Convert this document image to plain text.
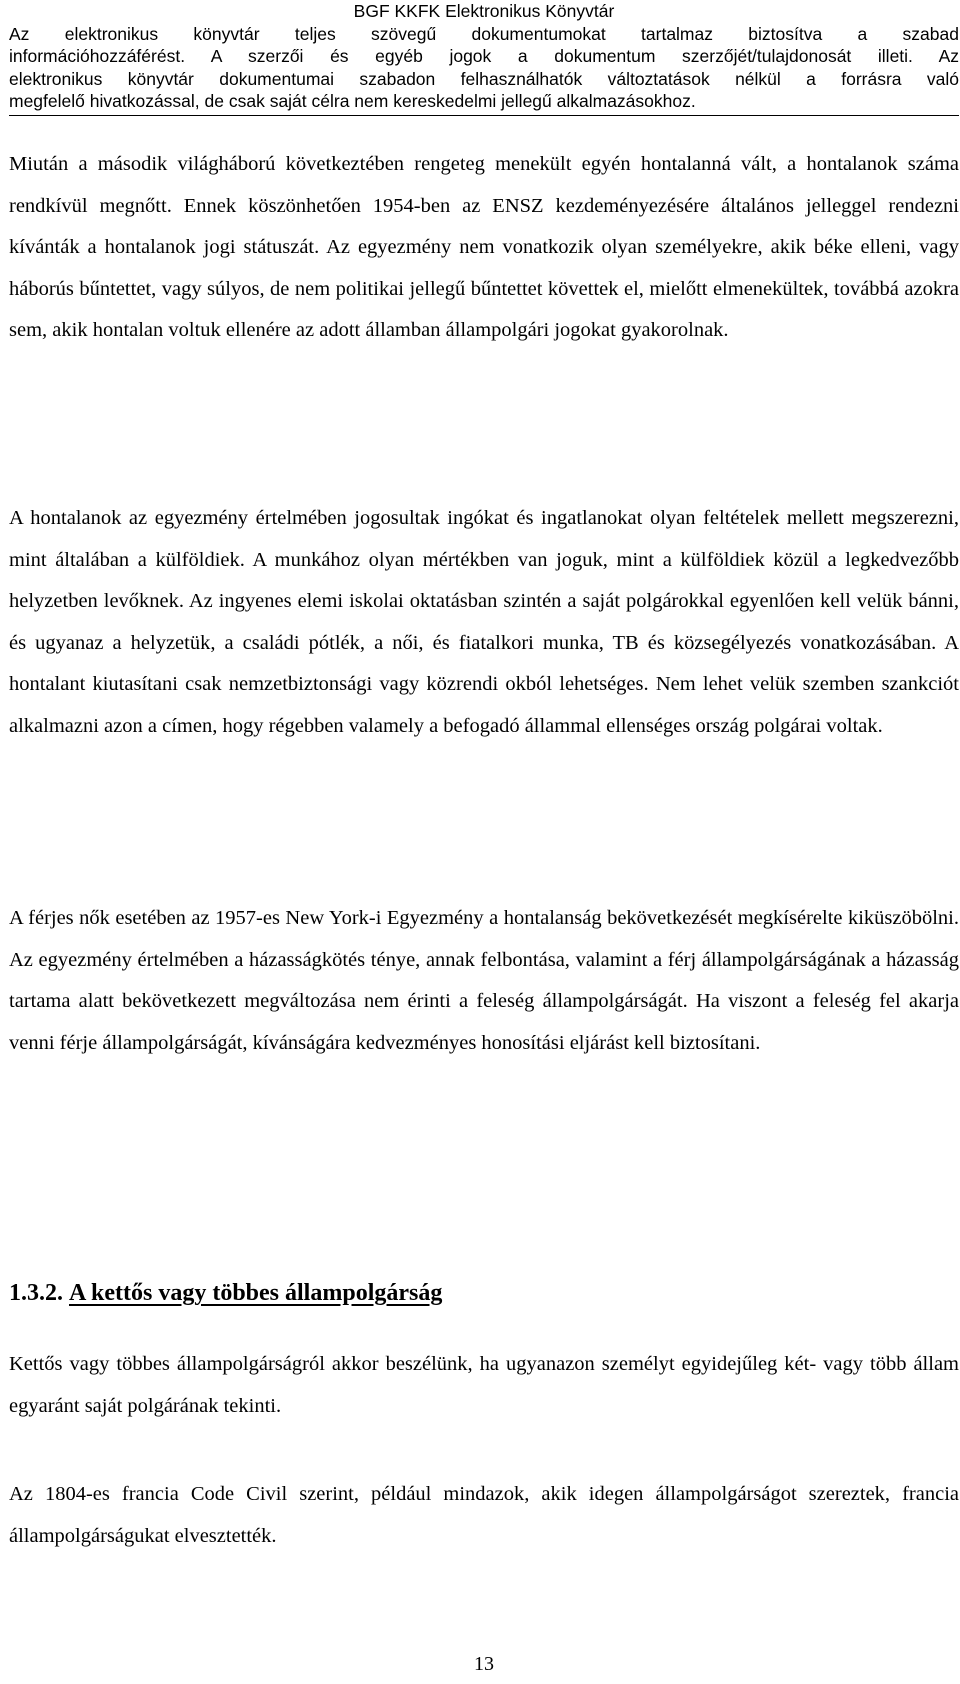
BGF KKFK Elektronikus Könyvtár
Az elektronikus könyvtár teljes szövegű dokumentumokat tartalmaz biztosítva a szabad
információhozzáférést. A szerzői és egyéb jogok a dokumentum szerzőjét/tulajdonosát illeti. Az
elektronikus könyvtár dokumentumai szabadon felhasználhatók változtatások nélkül a forrásra való
megfelelő hivatkozással, de csak saját célra nem kereskedelmi jellegű alkalmazásokhoz.

Miután a második világháború következtében rengeteg menekült egyén hontalanná vált, a hontalanok száma rendkívül megnőtt. Ennek köszönhetően 1954-ben az ENSZ kezdeményezésére általános jelleggel rendezni kívánták a hontalanok jogi státuszát. Az egyezmény nem vonatkozik olyan személyekre, akik béke elleni, vagy háborús bűntettet, vagy súlyos, de nem politikai jellegű bűntettet követtek el, mielőtt elmenekültek, továbbá azokra sem, akik hontalan voltuk ellenére az adott államban állampolgári jogokat gyakorolnak.

A hontalanok az egyezmény értelmében jogosultak ingókat és ingatlanokat olyan feltételek mellett megszerezni, mint általában a külföldiek. A munkához olyan mértékben van joguk, mint a külföldiek közül a legkedvezőbb helyzetben levőknek. Az ingyenes elemi iskolai oktatásban szintén a saját polgárokkal egyenlően kell velük bánni, és ugyanaz a helyzetük, a családi pótlék, a női, és fiatalkori munka, TB és közsegélyezés vonatkozásában. A hontalant kiutasítani csak nemzetbiztonsági vagy közrendi okból lehetséges. Nem lehet velük szemben szankciót alkalmazni azon a címen, hogy régebben valamely a befogadó állammal ellenséges ország polgárai voltak.

A férjes nők esetében az 1957-es New York-i Egyezmény a hontalanság bekövetkezését megkísérelte kiküszöbölni. Az egyezmény értelmében a házasságkötés ténye, annak felbontása, valamint a férj állampolgárságának a házasság tartama alatt bekövetkezett megváltozása nem érinti a feleség állampolgárságát. Ha viszont a feleség fel akarja venni férje állampolgárságát, kívánságára kedvezményes honosítási eljárást kell biztosítani.

1.3.2. A kettős vagy többes állampolgárság

Kettős vagy többes állampolgárságról akkor beszélünk, ha ugyanazon személyt egyidejűleg két- vagy több állam egyaránt saját polgárának tekinti.

Az 1804-es francia Code Civil szerint, például mindazok, akik idegen állampolgárságot szereztek, francia állampolgárságukat elvesztették.

13
